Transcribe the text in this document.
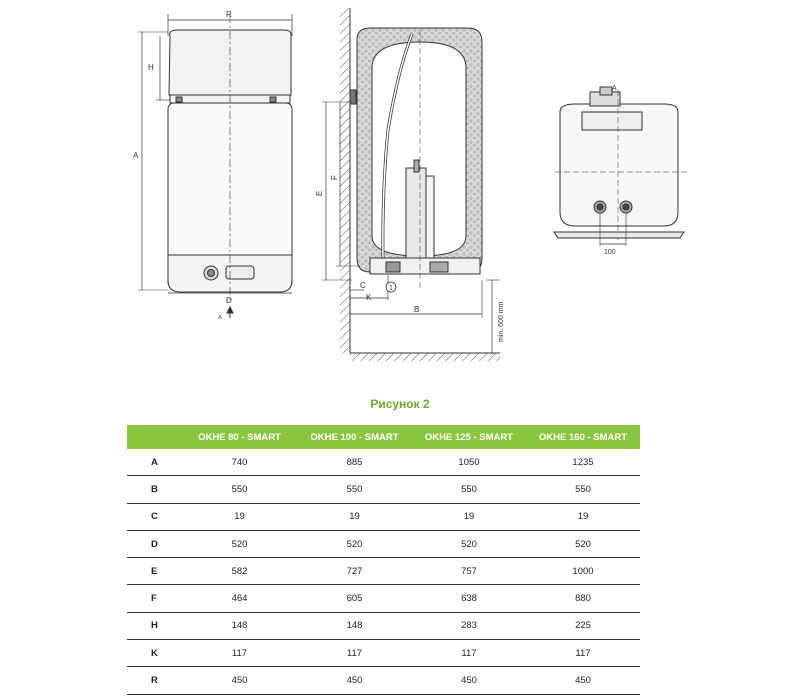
R
H
A
D
A
E
F
C
K
1
B	min. 600 mm
A
100
Рисунок 2
	OKHE 80 - SMART	OKHE 100 - SMART	OKHE 125 - SMART	OKHE 160 - SMART
A	740	885	1050	1235
B	550	550	550	550
C	19	19	19	19
D	520	520	520	520
E	582	727	757	1000
F	464	605	638	880
H	148	148	283	225
K	117	117	117	117
R	450	450	450	450
